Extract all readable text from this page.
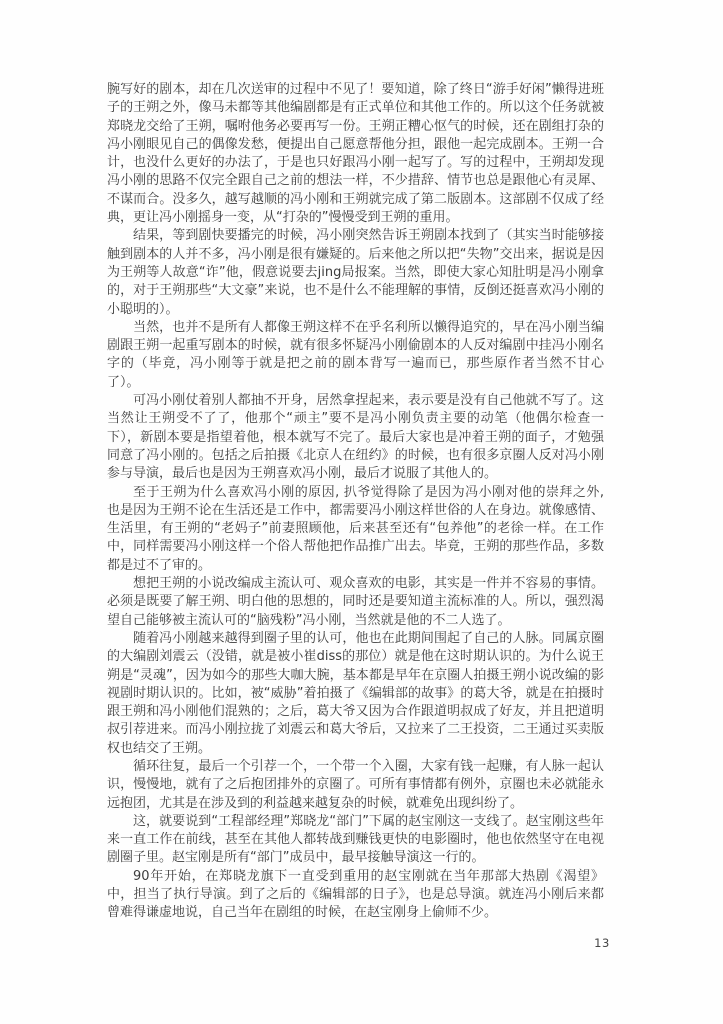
腕写好的剧本，却在几次送审的过程中不见了！要知道，除了终日“游手好闲”懒得进班子的王朔之外，像马未都等其他编剧都是有正式单位和其他工作的。所以这个任务就被郑晓龙交给了王朔，嘱咐他务必要再写一份。王朔正糟心怄气的时候，还在剧组打杂的冯小刚眼见自己的偶像发愁，便提出自己愿意帮他分担，跟他一起完成剧本。王朔一合计，也没什么更好的办法了，于是也只好跟冯小刚一起写了。写的过程中，王朔却发现冯小刚的思路不仅完全跟自己之前的想法一样，不少措辞、情节也总是跟他心有灵犀、不谋而合。没多久，越写越顺的冯小刚和王朔就完成了第二版剧本。这部剧不仅成了经典，更让冯小刚摇身一变，从“打杂的”慢慢受到王朔的重用。

结果，等到剧快要播完的时候，冯小刚突然告诉王朔剧本找到了（其实当时能够接触到剧本的人并不多，冯小刚是很有嫌疑的。后来他之所以把“失物”交出来，据说是因为王朔等人故意“诈”他，假意说要去jing局报案。当然，即使大家心知肚明是冯小刚拿的，对于王朔那些“大文豪”来说，也不是什么不能理解的事情，反倒还挺喜欢冯小刚的小聪明的）。

当然，也并不是所有人都像王朔这样不在乎名利所以懒得追究的，早在冯小刚当编剧跟王朔一起重写剧本的时候，就有很多怀疑冯小刚偷剧本的人反对编剧中挂冯小刚名字的（毕竟，冯小刚等于就是把之前的剧本背写一遍而已，那些原作者当然不甘心了）。

可冯小刚仗着别人都抽不开身，居然拿捏起来，表示要是没有自己他就不写了。这当然让王朔受不了了，他那个“顽主”要不是冯小刚负责主要的动笔（他偶尔检查一下），新剧本要是指望着他，根本就写不完了。最后大家也是冲着王朔的面子，才勉强同意了冯小刚的。包括之后拍摄《北京人在纽约》的时候，也有很多京圈人反对冯小刚参与导演，最后也是因为王朔喜欢冯小刚，最后才说服了其他人的。

至于王朔为什么喜欢冯小刚的原因, 扒爷觉得除了是因为冯小刚对他的崇拜之外, 也是因为王朔不论在生活还是工作中，都需要冯小刚这样世俗的人在身边。就像感情、生活里，有王朔的“老妈子”前妻照顾他，后来甚至还有“包养他”的老徐一样。在工作中，同样需要冯小刚这样一个俗人帮他把作品推广出去。毕竟，王朔的那些作品，多数都是过不了审的。

想把王朔的小说改编成主流认可、观众喜欢的电影，其实是一件并不容易的事情。必须是既要了解王朔、明白他的思想的，同时还是要知道主流标准的人。所以，强烈渴望自己能够被主流认可的“脑残粉”冯小刚，当然就是他的不二人选了。

随着冯小刚越来越得到圈子里的认可，他也在此期间围起了自己的人脉。同属京圈的大编剧刘震云（没错，就是被小崔diss的那位）就是他在这时期认识的。为什么说王朔是“灵魂”，因为如今的那些大咖大腕，基本都是早年在京圈人拍摄王朔小说改编的影视剧时期认识的。比如，被“威胁”着拍摄了《编辑部的故事》的葛大爷，就是在拍摄时跟王朔和冯小刚他们混熟的；之后，葛大爷又因为合作跟道明叔成了好友，并且把道明叔引荐进来。而冯小刚拉拢了刘震云和葛大爷后，又拉来了二王投资，二王通过买卖版权也结交了王朔。

循环往复，最后一个引荐一个，一个带一个入圈，大家有钱一起赚，有人脉一起认识，慢慢地，就有了之后抱团排外的京圈了。可所有事情都有例外，京圈也未必就能永远抱团，尤其是在涉及到的利益越来越复杂的时候，就难免出现纠纷了。

这，就要说到“工程部经理”郑晓龙“部门”下属的赵宝刚这一支线了。赵宝刚这些年来一直工作在前线，甚至在其他人都转战到赚钱更快的电影圈时，他也依然坚守在电视剧圈子里。赵宝刚是所有“部门”成员中，最早接触导演这一行的。

90年开始，在郑晓龙旗下一直受到重用的赵宝刚就在当年那部大热剧《渴望》中，担当了执行导演。到了之后的《编辑部的日子》，也是总导演。就连冯小刚后来都曾难得谦虚地说，自己当年在剧组的时候，在赵宝刚身上偷师不少。

13
